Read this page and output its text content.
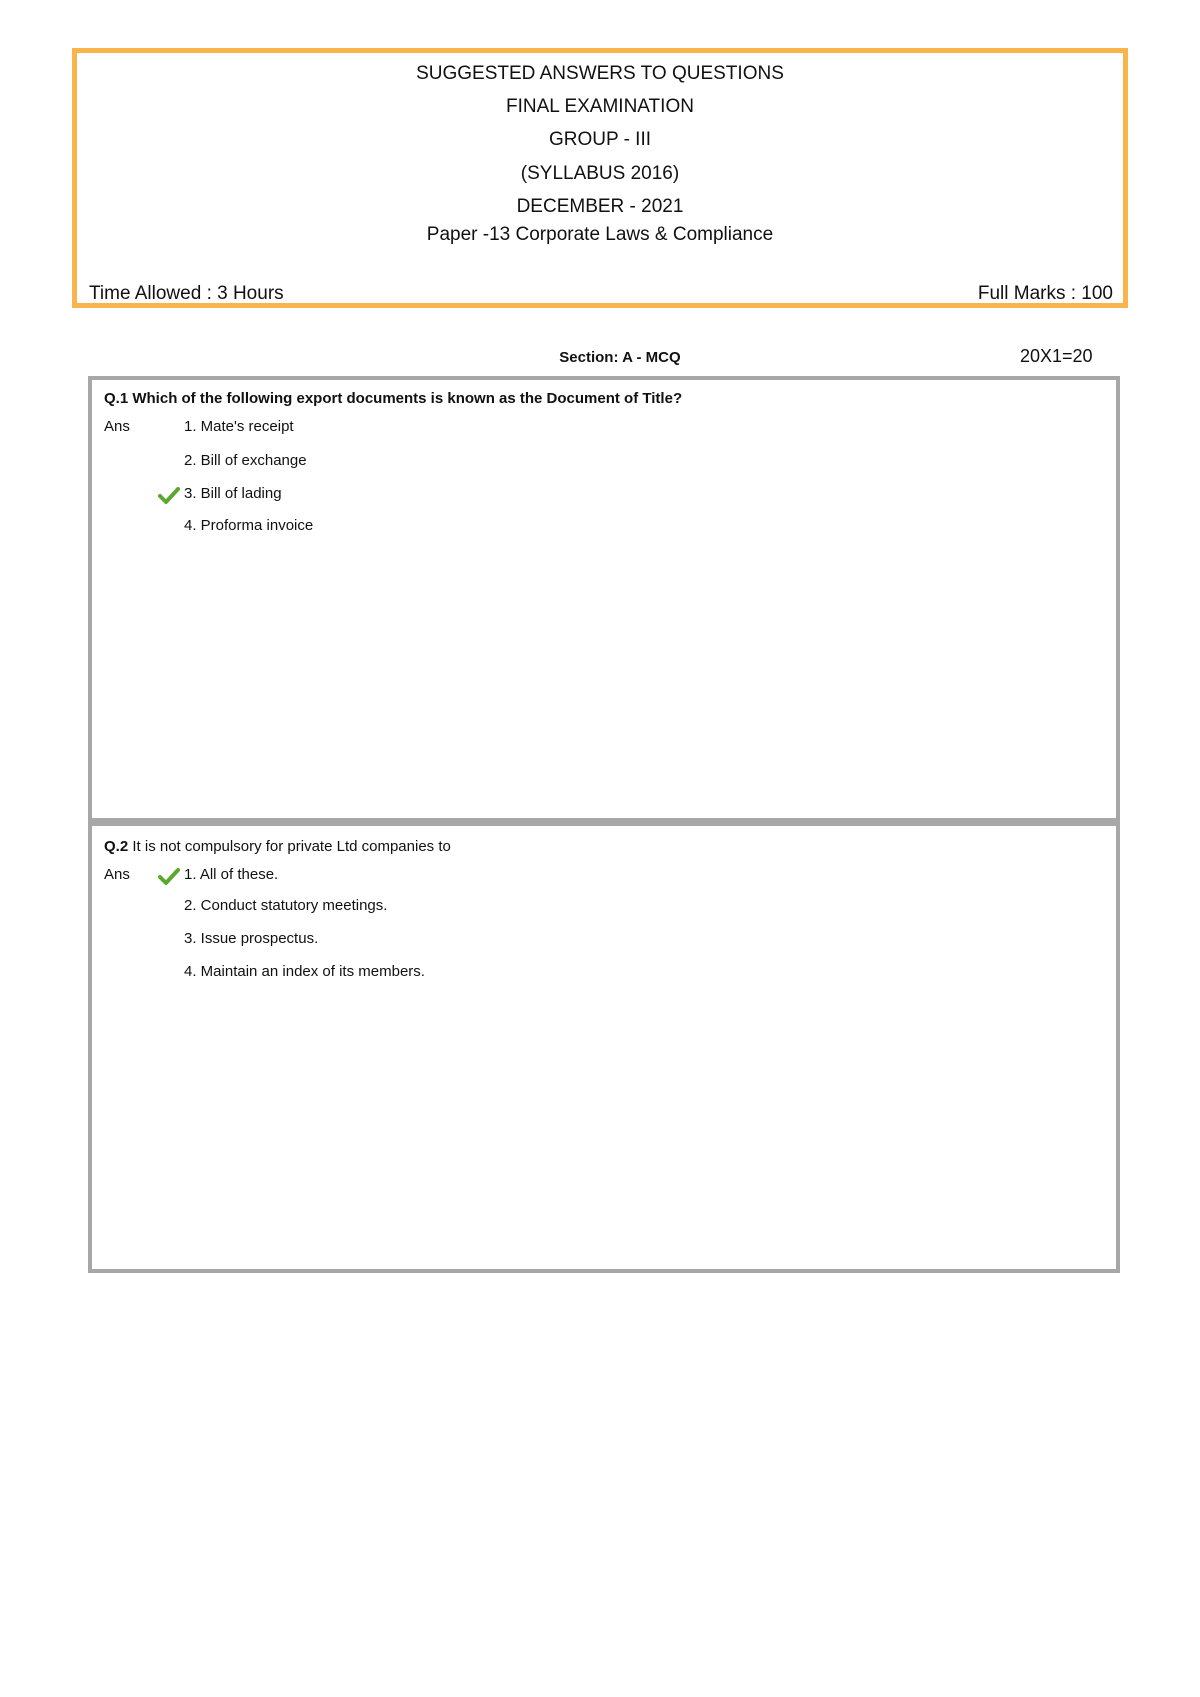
SUGGESTED ANSWERS TO QUESTIONS
FINAL EXAMINATION
GROUP - III
(SYLLABUS 2016)
DECEMBER - 2021
Paper -13 Corporate Laws & Compliance
Time Allowed : 3 Hours	Full Marks : 100
Section: A - MCQ	20X1=20
Q.1 Which of the following export documents is known as the Document of Title?
Ans	1. Mate's receipt
2. Bill of exchange
3. Bill of lading
4. Proforma invoice
Q.2 It is not compulsory for private Ltd companies to
Ans	1. All of these.
2. Conduct statutory meetings.
3. Issue prospectus.
4. Maintain an index of its members.
